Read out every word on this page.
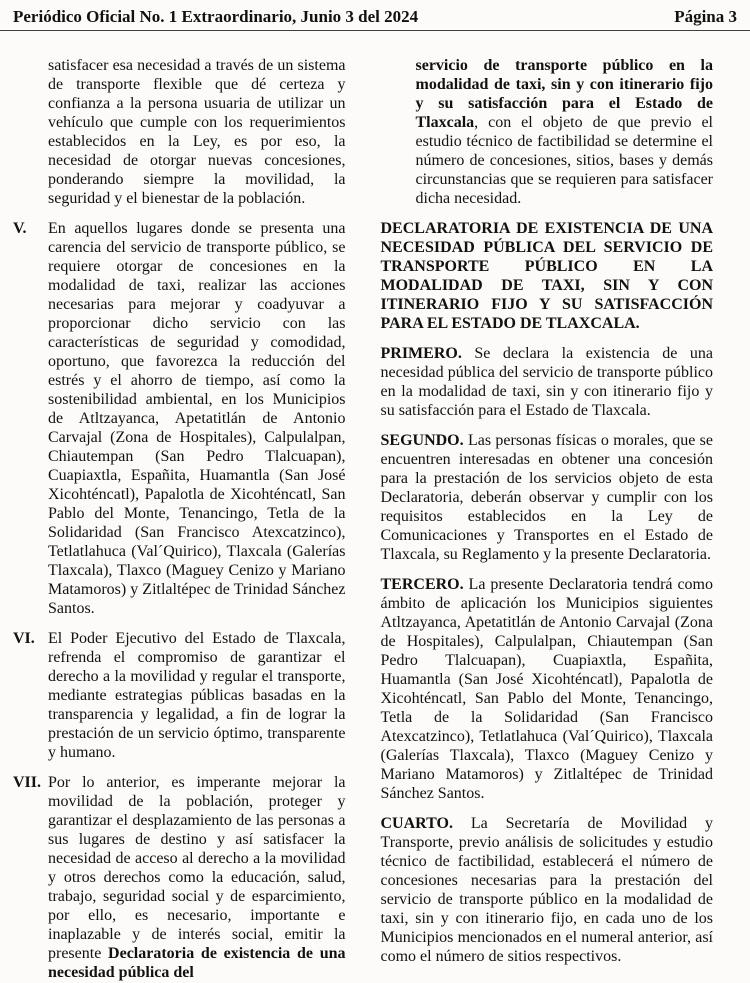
Periódico Oficial No. 1 Extraordinario, Junio 3 del 2024	Página 3

satisfacer esa necesidad a través de un sistema de transporte flexible que dé certeza y confianza a la persona usuaria de utilizar un vehículo que cumple con los requerimientos establecidos en la Ley, es por eso, la necesidad de otorgar nuevas concesiones, ponderando siempre la movilidad, la seguridad y el bienestar de la población.

V. En aquellos lugares donde se presenta una carencia del servicio de transporte público, se requiere otorgar de concesiones en la modalidad de taxi, realizar las acciones necesarias para mejorar y coadyuvar a proporcionar dicho servicio con las características de seguridad y comodidad, oportuno, que favorezca la reducción del estrés y el ahorro de tiempo, así como la sostenibilidad ambiental, en los Municipios de Atltzayanca, Apetatitlán de Antonio Carvajal (Zona de Hospitales), Calpulalpan, Chiautempan (San Pedro Tlalcuapan), Cuapiaxtla, Españita, Huamantla (San José Xicohténcatl), Papalotla de Xicohténcatl, San Pablo del Monte, Tenancingo, Tetla de la Solidaridad (San Francisco Atexcatzinco), Tetlatlahuca (Val´Quirico), Tlaxcala (Galerías Tlaxcala), Tlaxco (Maguey Cenizo y Mariano Matamoros) y Zitlaltépec de Trinidad Sánchez Santos.

VI. El Poder Ejecutivo del Estado de Tlaxcala, refrenda el compromiso de garantizar el derecho a la movilidad y regular el transporte, mediante estrategias públicas basadas en la transparencia y legalidad, a fin de lograr la prestación de un servicio óptimo, transparente y humano.

VII. Por lo anterior, es imperante mejorar la movilidad de la población, proteger y garantizar el desplazamiento de las personas a sus lugares de destino y así satisfacer la necesidad de acceso al derecho a la movilidad y otros derechos como la educación, salud, trabajo, seguridad social y de esparcimiento, por ello, es necesario, importante e inaplazable y de interés social, emitir la presente Declaratoria de existencia de una necesidad pública del

servicio de transporte público en la modalidad de taxi, sin y con itinerario fijo y su satisfacción para el Estado de Tlaxcala, con el objeto de que previo el estudio técnico de factibilidad se determine el número de concesiones, sitios, bases y demás circunstancias que se requieren para satisfacer dicha necesidad.

DECLARATORIA DE EXISTENCIA DE UNA NECESIDAD PÚBLICA DEL SERVICIO DE TRANSPORTE PÚBLICO EN LA MODALIDAD DE TAXI, SIN Y CON ITINERARIO FIJO Y SU SATISFACCIÓN PARA EL ESTADO DE TLAXCALA.

PRIMERO. Se declara la existencia de una necesidad pública del servicio de transporte público en la modalidad de taxi, sin y con itinerario fijo y su satisfacción para el Estado de Tlaxcala.

SEGUNDO. Las personas físicas o morales, que se encuentren interesadas en obtener una concesión para la prestación de los servicios objeto de esta Declaratoria, deberán observar y cumplir con los requisitos establecidos en la Ley de Comunicaciones y Transportes en el Estado de Tlaxcala, su Reglamento y la presente Declaratoria.

TERCERO. La presente Declaratoria tendrá como ámbito de aplicación los Municipios siguientes Atltzayanca, Apetatitlán de Antonio Carvajal (Zona de Hospitales), Calpulalpan, Chiautempan (San Pedro Tlalcuapan), Cuapiaxtla, Españita, Huamantla (San José Xicohténcatl), Papalotla de Xicohténcatl, San Pablo del Monte, Tenancingo, Tetla de la Solidaridad (San Francisco Atexcatzinco), Tetlatlahuca (Val´Quirico), Tlaxcala (Galerías Tlaxcala), Tlaxco (Maguey Cenizo y Mariano Matamoros) y Zitlaltépec de Trinidad Sánchez Santos.

CUARTO. La Secretaría de Movilidad y Transporte, previo análisis de solicitudes y estudio técnico de factibilidad, establecerá el número de concesiones necesarias para la prestación del servicio de transporte público en la modalidad de taxi, sin y con itinerario fijo, en cada uno de los Municipios mencionados en el numeral anterior, así como el número de sitios respectivos.
